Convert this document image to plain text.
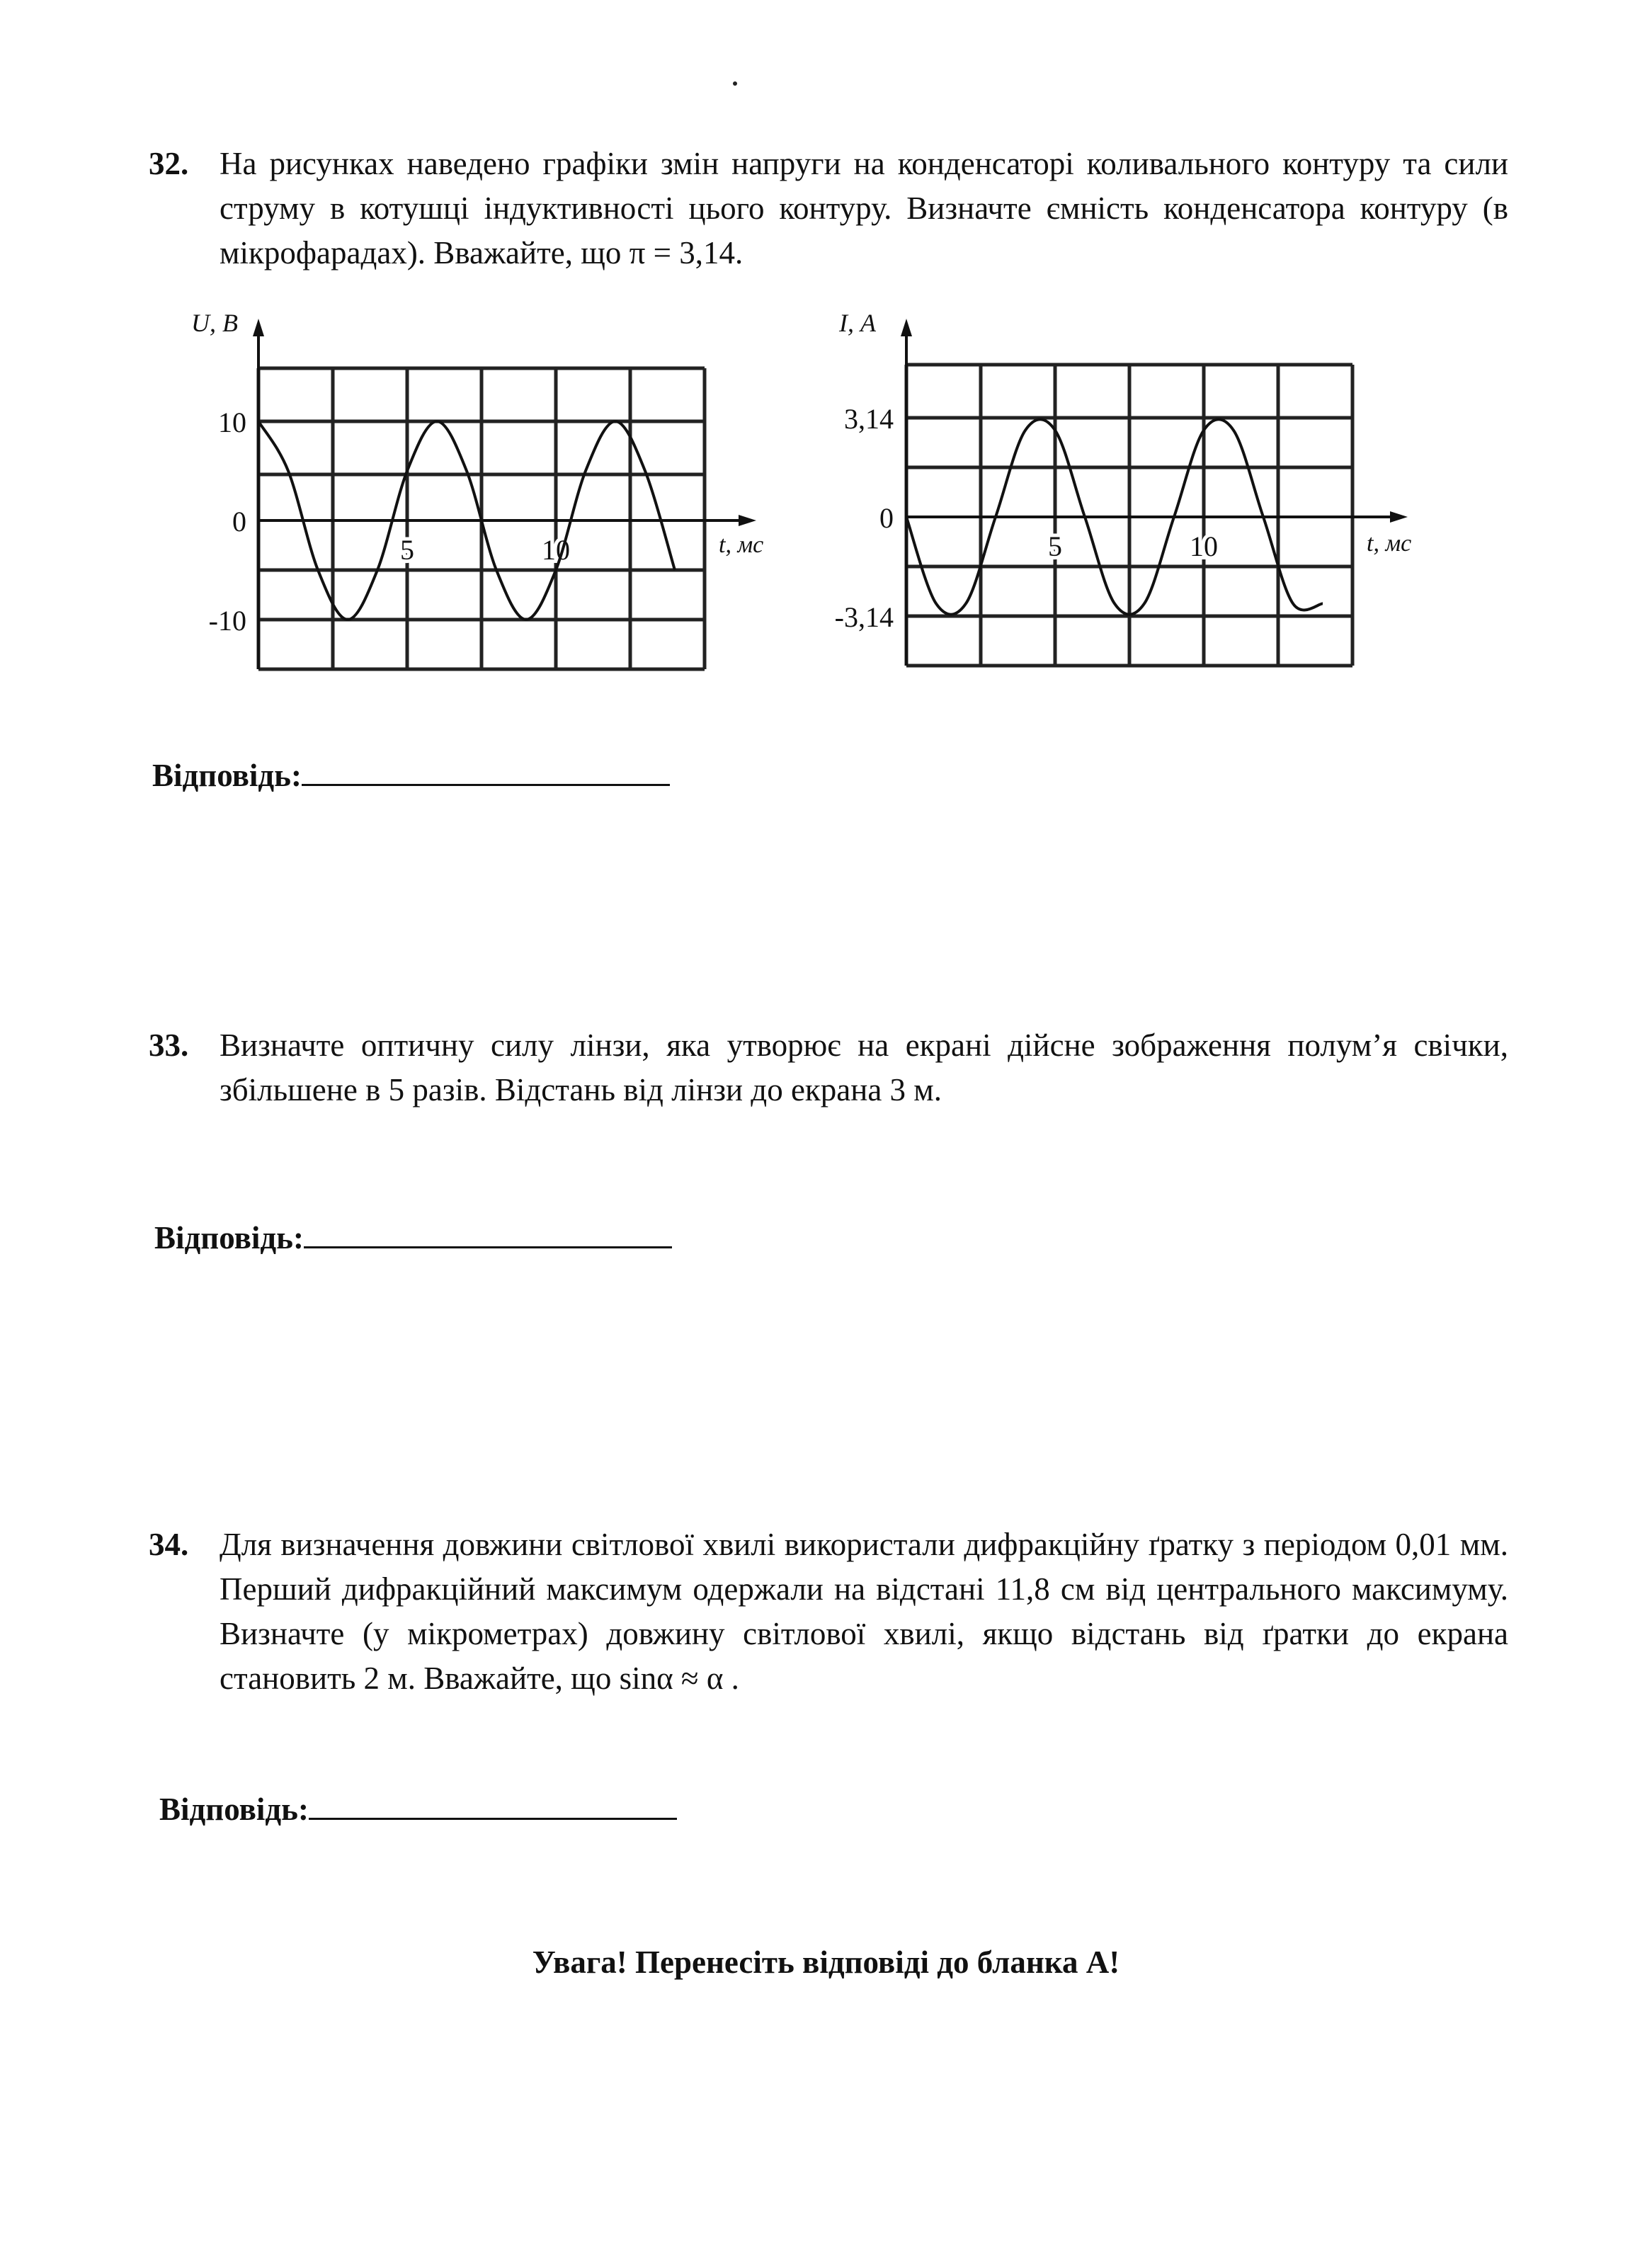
32. На рисунках наведено графіки змін напруги на конденсаторі коливального контуру та сили струму в котушці індуктивності цього контуру. Визначте ємність конденсатора контуру (в мікрофарадах). Вважайте, що π = 3,14.
U, В
10
0
-10
5	10	t, мс
I, А
3,14
0
-3,14
5	10	t, мс
Відповідь:
33. Визначте оптичну силу лінзи, яка утворює на екрані дійсне зображення полум’я свічки, збільшене в 5 разів. Відстань від лінзи до екрана 3 м.
Відповідь:
34. Для визначення довжини світлової хвилі використали дифракційну ґратку з періодом 0,01 мм. Перший дифракційний максимум одержали на відстані 11,8 см від центрального максимуму. Визначте (у мікрометрах) довжину світлової хвилі, якщо відстань від ґратки до екрана становить 2 м. Вважайте, що sinα ≈ α .
Відповідь:
Увага! Перенесіть відповіді до бланка А!
